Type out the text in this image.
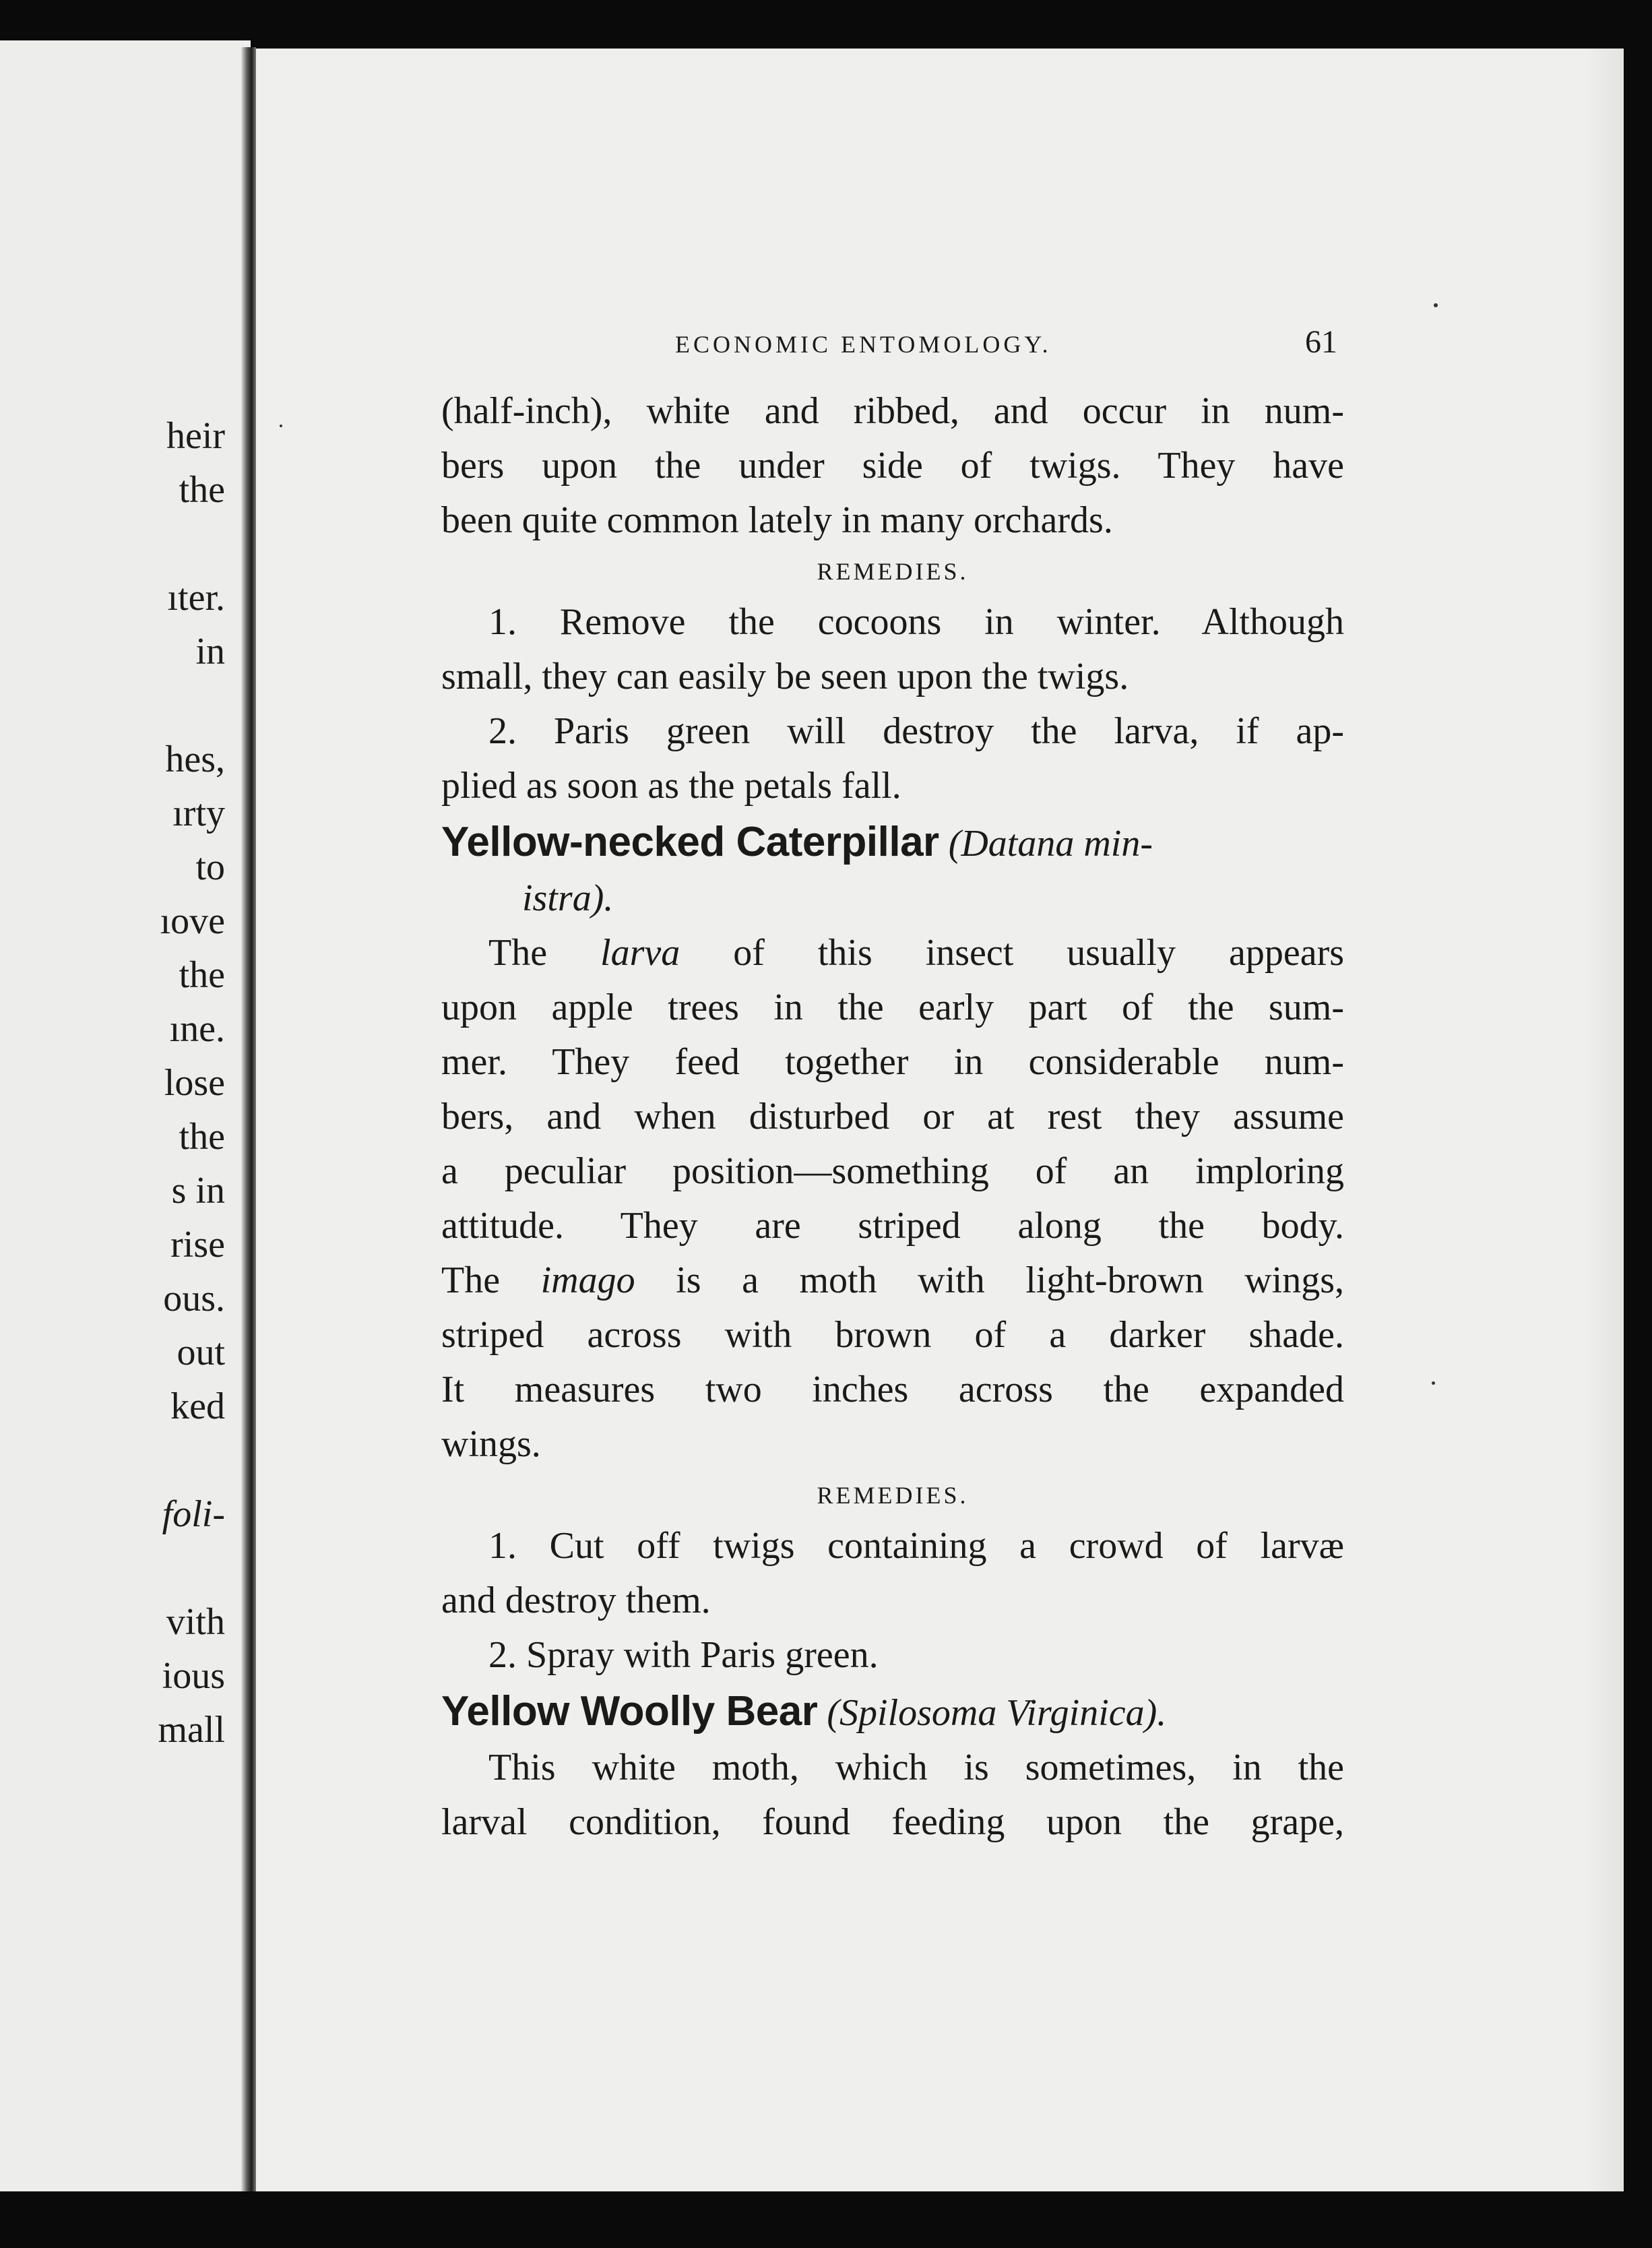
heir
the
ıter.
in
hes,
ırty
to
ıove
the
ıne.
lose
the
s in
rise
ous.
out
ked
foli-
vith
ious
mall
ECONOMIC ENTOMOLOGY.	61
(half-inch), white and ribbed, and occur in num-
bers upon the under side of twigs. They have
been quite common lately in many orchards.
REMEDIES.
1. Remove the cocoons in winter. Although
small, they can easily be seen upon the twigs.
2. Paris green will destroy the larva, if ap-
plied as soon as the petals fall.
Yellow-necked Caterpillar (Datana min-
istra).
The larva of this insect usually appears
upon apple trees in the early part of the sum-
mer. They feed together in considerable num-
bers, and when disturbed or at rest they assume
a peculiar position—something of an imploring
attitude. They are striped along the body.
The imago is a moth with light-brown wings,
striped across with brown of a darker shade.
It measures two inches across the expanded
wings.
REMEDIES.
1. Cut off twigs containing a crowd of larvæ
and destroy them.
2. Spray with Paris green.
Yellow Woolly Bear (Spilosoma Virginica).
This white moth, which is sometimes, in the
larval condition, found feeding upon the grape,
